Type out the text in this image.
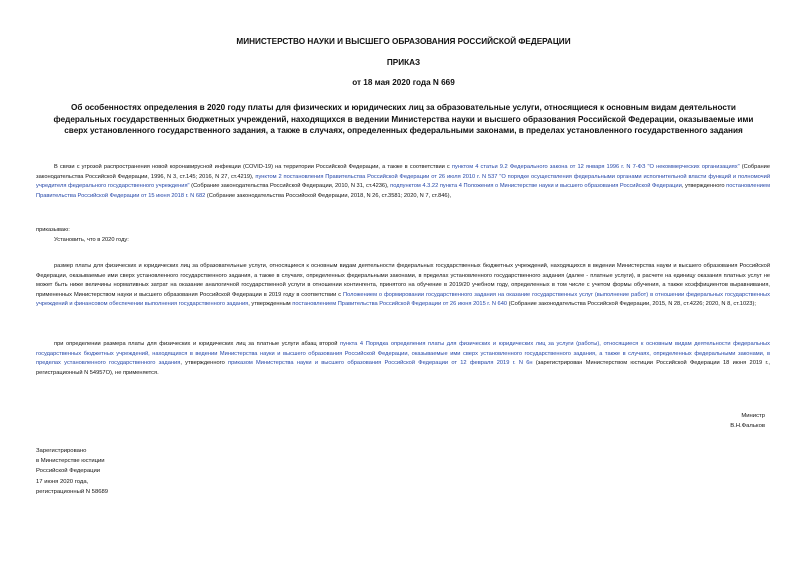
МИНИСТЕРСТВО НАУКИ И ВЫСШЕГО ОБРАЗОВАНИЯ РОССИЙСКОЙ ФЕДЕРАЦИИ
ПРИКАЗ
от 18 мая 2020 года N 669
Об особенностях определения в 2020 году платы для физических и юридических лиц за образовательные услуги, относящиеся к основным видам деятельности федеральных государственных бюджетных учреждений, находящихся в ведении Министерства науки и высшего образования Российской Федерации, оказываемые ими сверх установленного государственного задания, а также в случаях, определенных федеральными законами, в пределах установленного государственного задания
В связи с угрозой распространения новой коронавирусной инфекции (COVID-19) на территории Российской Федерации, а также в соответствии с пунктом 4 статьи 9.2 Федерального закона от 12 января 1996 г. N 7-ФЗ "О некоммерческих организациях" (Собрание законодательства Российской Федерации, 1996, N 3, ст.145; 2016, N 27, ст.4219), пунктом 2 постановления Правительства Российской Федерации от 26 июля 2010 г. N 537 "О порядке осуществления федеральными органами исполнительной власти функций и полномочий учредителя федерального государственного учреждения" (Собрание законодательства Российской Федерации, 2010, N 31, ст.4236), подпунктом 4.3.22 пункта 4 Положения о Министерстве науки и высшего образования Российской Федерации, утвержденного постановлением Правительства Российской Федерации от 15 июня 2018 г. N 682 (Собрание законодательства Российской Федерации, 2018, N 26, ст.3581; 2020, N 7, ст.846),
приказываю:
Установить, что в 2020 году:
размер платы для физических и юридических лиц за образовательные услуги, относящиеся к основным видам деятельности федеральных государственных бюджетных учреждений, находящихся в ведении Министерства науки и высшего образования Российской Федерации, оказываемые ими сверх установленного государственного задания, а также в случаях, определенных федеральными законами, в пределах установленного государственного задания (далее - платные услуги), в расчете на единицу оказания платных услуг не может быть ниже величины нормативных затрат на оказание аналогичной государственной услуги в отношении контингента, принятого на обучение в 2019/20 учебном году, определенных в том числе с учетом формы обучения, а также коэффициентов выравнивания, примененных Министерством науки и высшего образования Российской Федерации в 2019 году в соответствии с Положением о формировании государственного задания на оказание государственных услуг (выполнение работ) в отношении федеральных государственных учреждений и финансовом обеспечении выполнения государственного задания, утвержденным постановлением Правительства Российской Федерации от 26 июня 2015 г. N 640 (Собрание законодательства Российской Федерации, 2015, N 28, ст.4226; 2020, N 8, ст.1023);
при определении размера платы для физических и юридических лиц за платные услуги абзац второй пункта 4 Порядка определения платы для физических и юридических лиц за услуги (работы), относящиеся к основным видам деятельности федеральных государственных бюджетных учреждений, находящихся в ведении Министерства науки и высшего образования Российской Федерации, оказываемые ими сверх установленного государственного задания, а также в случаях, определенных федеральными законами, в пределах установленного государственного задания, утвержденного приказом Министерства науки и высшего образования Российской Федерации от 12 февраля 2019 г. N 6н (зарегистрирован Министерством юстиции Российской Федерации 18 июня 2019 г., регистрационный N 54957О), не применяется.
Министр
В.Н.Фальков
Зарегистрировано
в Министерстве юстиции
Российской Федерации
17 июня 2020 года,
регистрационный N 58689
